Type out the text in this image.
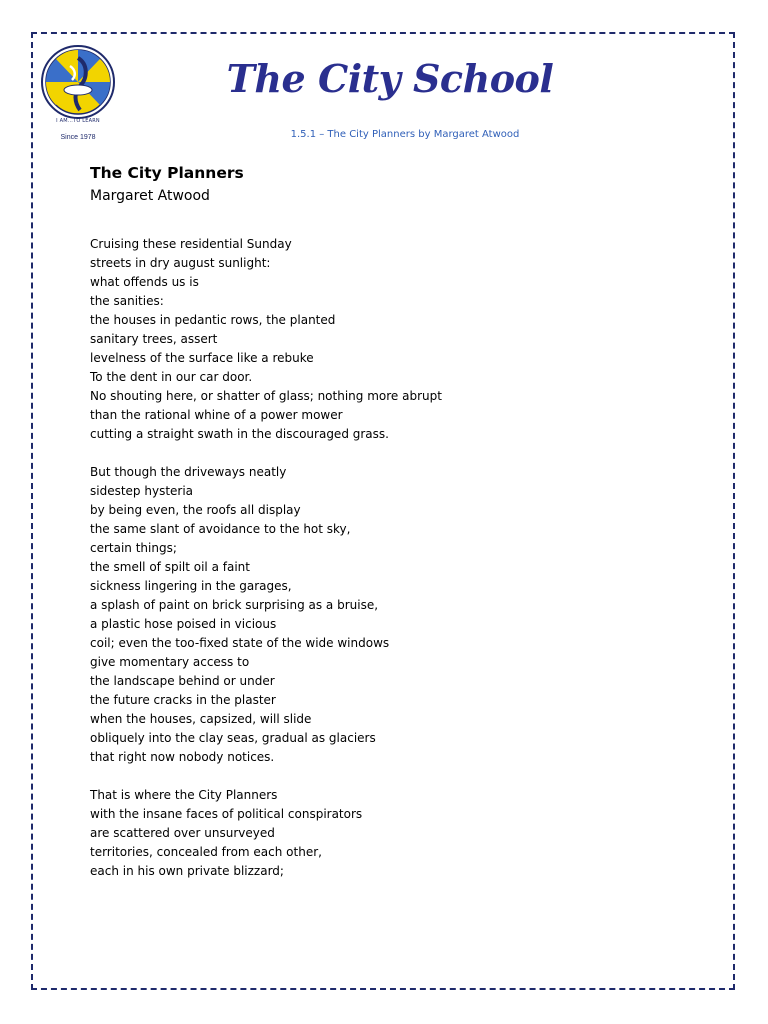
I AM...TO LEARN
Since 1978
The City School
1.5.1 – The City Planners by Margaret Atwood
The City Planners
Margaret Atwood
Cruising these residential Sunday
streets in dry august sunlight:
what offends us is
the sanities:
the houses in pedantic rows, the planted
sanitary trees, assert
levelness of the surface like a rebuke
To the dent in our car door.
No shouting here, or shatter of glass; nothing more abrupt
than the rational whine of a power mower
cutting a straight swath in the discouraged grass.
But though the driveways neatly
sidestep hysteria
by being even, the roofs all display
the same slant of avoidance to the hot sky,
certain things;
the smell of spilt oil a faint
sickness lingering in the garages,
a splash of paint on brick surprising as a bruise,
a plastic hose poised in vicious
coil; even the too-fixed state of the wide windows
give momentary access to
the landscape behind or under
the future cracks in the plaster
when the houses, capsized, will slide
obliquely into the clay seas, gradual as glaciers
that right now nobody notices.
That is where the City Planners
with the insane faces of political conspirators
are scattered over unsurveyed
territories, concealed from each other,
each in his own private blizzard;
